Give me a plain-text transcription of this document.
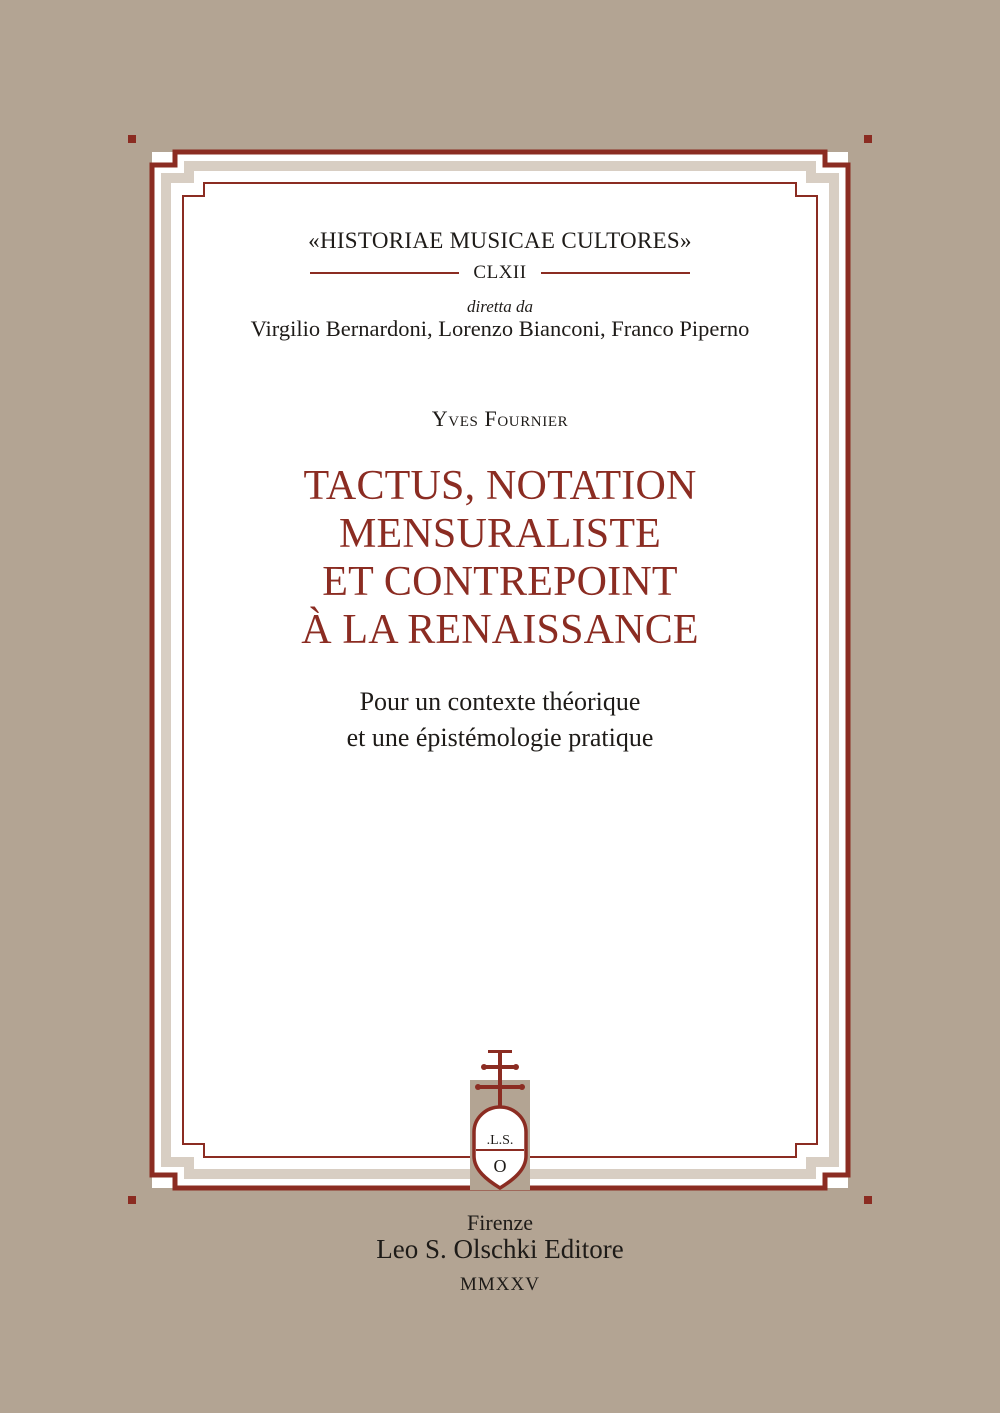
.L.S.
O
«HISTORIAE MUSICAE CULTORES»
CLXII
diretta da
Virgilio Bernardoni, Lorenzo Bianconi, Franco Piperno
Yves Fournier
TACTUS, NOTATION
MENSURALISTE
ET CONTREPOINT
À LA RENAISSANCE
Pour un contexte théorique
et une épistémologie pratique
Firenze
Leo S. Olschki Editore
MMXXV
